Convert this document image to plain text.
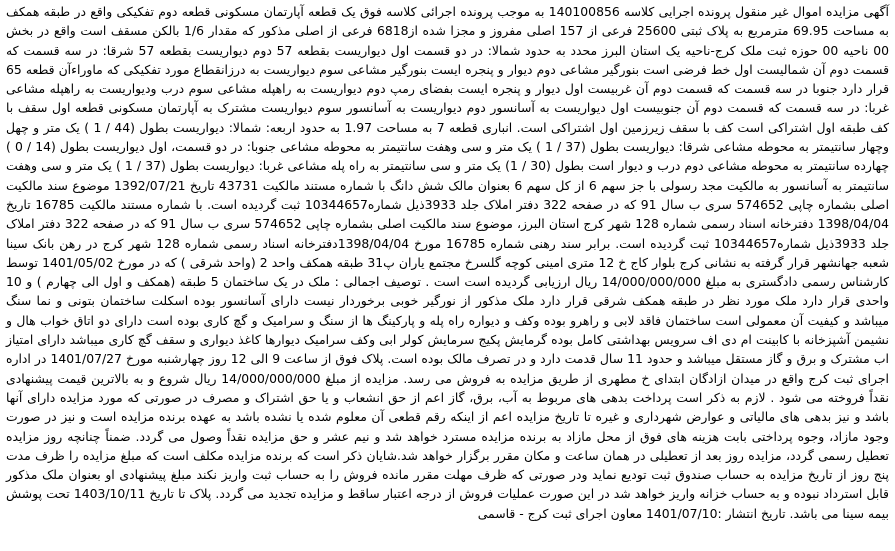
آگهی مزایده اموال غیر منقول پرونده اجرایی کلاسه 140100856 به موجب پرونده اجرائی کلاسه فوق یک قطعه آپارتمان مسکونی قطعه دوم تفکیکی واقع در طبقه همکف به مساحت 69.95 مترمربع به پلاک ثبتی 25600 فرعی از 157 اصلی مفروز و مجزا شده از6818 فرعی از اصلی مذکور که مقدار 1/6 بالکن مسقف است واقع در بخش 00 ناحیه 00 حوزه ثبت ملک کرج-ناحیه یک استان البرز محدد به حدود شمالا: در دو قسمت اول دیواریست بقطعه 57 دوم دیواریست بقطعه 57 شرقا: در سه قسمت که قسمت دوم آن شمالیست اول خط فرضی است بنورگیر مشاعی دوم دیوار و پنجره ایست بنورگیر مشاعی سوم دیواریست به درزانقطاع مورد تفکیکی که ماوراءآن قطعه 65 قرار دارد جنوبا در سه قسمت که قسمت دوم آن غربیست اول دیوار و پنجره ایست بفضای رمپ دوم دیواریست به راهپله مشاعی سوم درب ودیواریست به راهپله مشاعی غربا: در سه قسمت که قسمت دوم آن جنوبیست اول دیواریست به آسانسور دوم دیواریست به آسانسور سوم دیواریست مشترک به آپارتمان مسکونی قطعه اول سقف با کف طبقه اول اشتراکی است کف با سقف زیرزمین اول اشتراکی است. انباری قطعه 7 به مساحت 1.97 به حدود اربعه: شمالا: دیواریست بطول (44 / 1 ) یک متر و چهل وچهار سانتیمتر به محوطه مشاعی شرقا: دیواریست بطول (37 / 1 ) یک متر و سی وهفت سانتیمتر به محوطه مشاعی جنوبا: در دو قسمت، اول دیواریست بطول (14 / 0 ) چهارده سانتیمتر به محوطه مشاعی دوم درب و دیوار است بطول (30 / 1) یک متر و سی سانتیمتر به راه پله مشاعی غربا: دیواریست بطول (37 / 1 ) یک متر و سی وهفت سانتیمتر به آسانسور به مالکیت مجد رسولی با جز سهم 6 از کل سهم 6 بعنوان مالک شش دانگ با شماره مستند مالکیت 43731 تاریخ 1392/07/21 موضوع سند مالکیت اصلی بشماره چاپی 574652 سری ب سال 91 که در صفحه 322 دفتر املاک جلد 3933ذیل شماره10344657 ثبت گردیده است. با شماره مستند مالکیت 16785 تاریخ 1398/04/04 دفترخانه اسناد رسمی شماره 128 شهر کرج استان البرز، موضوع سند مالکیت اصلی بشماره چاپی 574652 سری ب سال 91 که در صفحه 322 دفتر املاک جلد 3933ذیل شماره10344657 ثبت گردیده است. برابر سند رهنی شماره 16785 مورخ 1398/04/04دفترخانه اسناد رسمی شماره 128 شهر کرج در رهن بانک سینا شعبه جهانشهر قرار گرفته به نشانی کرج بلوار کاج خ 12 متری امینی کوچه گلسرخ مجتمع یاران پ31 طبقه همکف واحد 2 (واحد شرقی ) که در مورخ 1401/05/02 توسط کارشناس رسمی دادگستری به مبلغ 14/000/000/000 ریال ارزیابی گردیده است است . توصیف اجمالی : ملک در یک ساختمان 5 طبقه (همکف و اول الی چهارم ) و 10 واحدی قرار دارد ملک مورد نظر در طبقه همکف شرقی قرار دارد ملک مذکور از نورگیر خوبی برخوردار نیست دارای آسانسور بوده اسکلت ساختمان بتونی و نما سنگ میباشد و کیفیت آن معمولی است ساختمان فاقد لابی و راهرو بوده وکف و دیواره راه پله و پارکینگ ها از سنگ و سرامیک و گچ کاری بوده است دارای دو اتاق خواب هال و نشیمن آشپزخانه با کابینت ام دی اف سرویس بهداشتی کامل بوده گرمایش پکیج سرمایش کولر ابی وکف سرامیک دیوارها کاغذ دیواری و سقف گچ کاری میباشد دارای امتیاز اب مشترک و برق و گاز مستقل میباشد و حدود 11 سال قدمت دارد و در تصرف مالک بوده است. پلاک فوق از ساعت 9 الی 12 روز چهارشنبه مورخ 1401/07/27 در اداره اجرای ثبت کرج واقع در میدان ازادگان ابتدای خ مطهری از طریق مزایده به فروش می رسد. مزایده از مبلغ 14/000/000/000 ریال شروع و به بالاترین قیمت پیشنهادی نقداً فروخته می شود . لازم به ذکر است پرداخت بدهی های مربوط به آب، برق، گاز اعم از حق انشعاب و یا حق اشتراک و مصرف در صورتی که مورد مزایده دارای آنها باشد و نیز بدهی های مالیاتی و عوارض شهرداری و غیره تا تاریخ مزایده اعم از اینکه رقم قطعی آن معلوم شده یا نشده باشد به عهده برنده مزایده است و نیز در صورت وجود مازاد، وجوه پرداختی بابت هزینه های فوق از محل مازاد به برنده مزایده مسترد خواهد شد و نیم عشر و حق مزایده نقداً وصول می گردد. ضمناً چنانچه روز مزایده تعطیل رسمی گردد، مزایده روز بعد از تعطیلی در همان ساعت و مکان مقرر برگزار خواهد شد.شایان ذکر است که برنده مزایده مکلف است که مبلغ مزایده را ظرف مدت پنج روز از تاریخ مزایده به حساب صندوق ثبت تودیع نماید ودر صورتی که ظرف مهلت مقرر مانده فروش را به حساب ثبت واریز نکند مبلغ پیشنهادی او بعنوان ملک مذکور قابل استرداد نبوده و به حساب خزانه واریز خواهد شد در این صورت عملیات فروش از درجه اعتبار ساقط و مزایده تجدید می گردد. پلاک تا تاریخ 1403/10/11 تحت پوشش بیمه سینا می باشد. تاریخ انتشار :1401/07/10 معاون اجرای ثبت کرج - قاسمی
